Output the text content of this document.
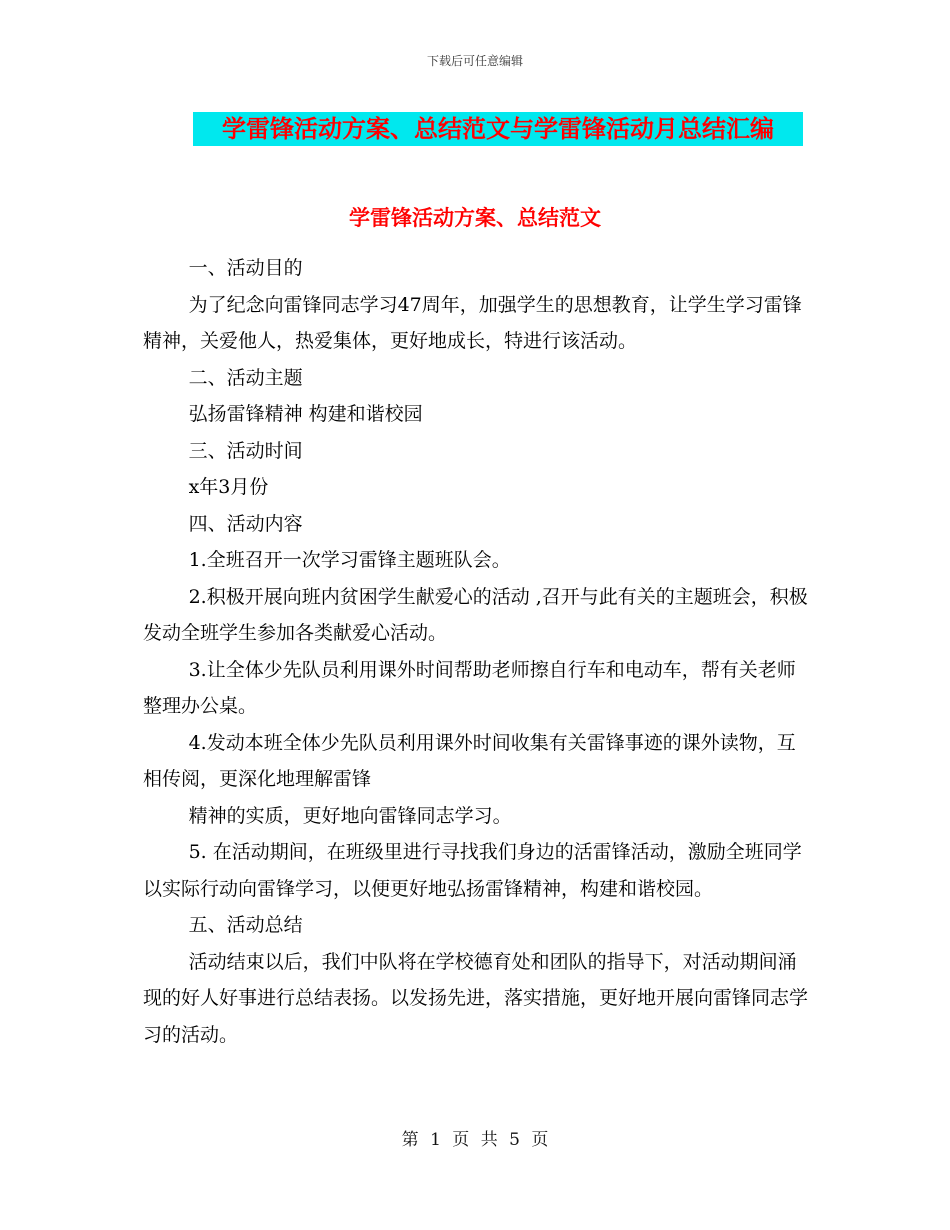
下载后可任意编辑
学雷锋活动方案、总结范文与学雷锋活动月总结汇编
学雷锋活动方案、总结范文

一、活动目的

为了纪念向雷锋同志学习47周年，加强学生的思想教育，让学生学习雷锋精神，关爱他人，热爱集体，更好地成长，特进行该活动。

二、活动主题

弘扬雷锋精神 构建和谐校园

三、活动时间

x年3月份

四、活动内容

1.全班召开一次学习雷锋主题班队会。

2.积极开展向班内贫困学生献爱心的活动 ,召开与此有关的主题班会，积极发动全班学生参加各类献爱心活动。

3.让全体少先队员利用课外时间帮助老师擦自行车和电动车，帮有关老师整理办公桌。

4.发动本班全体少先队员利用课外时间收集有关雷锋事迹的课外读物，互相传阅，更深化地理解雷锋

精神的实质，更好地向雷锋同志学习。

5. 在活动期间，在班级里进行寻找我们身边的活雷锋活动，激励全班同学以实际行动向雷锋学习，以便更好地弘扬雷锋精神，构建和谐校园。

五、活动总结

活动结束以后，我们中队将在学校德育处和团队的指导下，对活动期间涌现的好人好事进行总结表扬。以发扬先进，落实措施，更好地开展向雷锋同志学习的活动。

第 1 页 共 5 页
